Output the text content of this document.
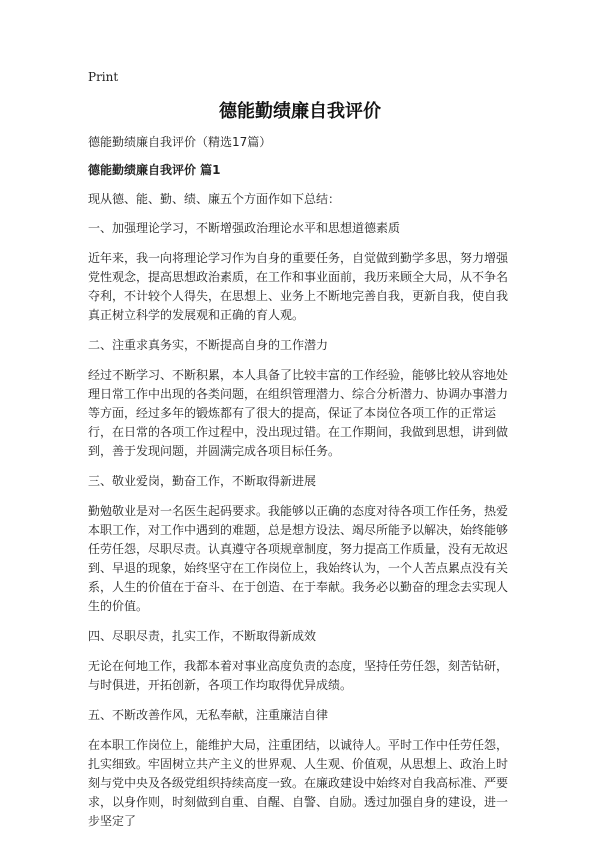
Print
德能勤绩廉自我评价
德能勤绩廉自我评价（精选17篇）
德能勤绩廉自我评价 篇1

现从德、能、勤、绩、廉五个方面作如下总结：

一、加强理论学习，不断增强政治理论水平和思想道德素质

近年来，我一向将理论学习作为自身的重要任务，自觉做到勤学多思，努力增强党性观念，提高思想政治素质，在工作和事业面前，我历来顾全大局，从不争名夺利，不计较个人得失，在思想上、业务上不断地完善自我，更新自我，使自我真正树立科学的发展观和正确的育人观。

二、注重求真务实，不断提高自身的工作潜力

经过不断学习、不断积累，本人具备了比较丰富的工作经验，能够比较从容地处理日常工作中出现的各类问题，在组织管理潜力、综合分析潜力、协调办事潜力等方面，经过多年的锻炼都有了很大的提高，保证了本岗位各项工作的正常运行，在日常的各项工作过程中，没出现过错。在工作期间，我做到思想，讲到做到，善于发现问题，并圆满完成各项目标任务。

三、敬业爱岗，勤奋工作，不断取得新进展

勤勉敬业是对一名医生起码要求。我能够以正确的态度对待各项工作任务，热爱本职工作，对工作中遇到的难题，总是想方设法、竭尽所能予以解决，始终能够任劳任怨，尽职尽责。认真遵守各项规章制度，努力提高工作质量，没有无故迟到、早退的现象，始终坚守在工作岗位上，我始终认为，一个人苦点累点没有关系，人生的价值在于奋斗、在于创造、在于奉献。我务必以勤奋的理念去实现人生的价值。

四、尽职尽责，扎实工作，不断取得新成效

无论在何地工作，我都本着对事业高度负责的态度，坚持任劳任怨，刻苦钻研，与时俱进，开拓创新，各项工作均取得优异成绩。

五、不断改善作风，无私奉献，注重廉洁自律

在本职工作岗位上，能维护大局，注重团结，以诚待人。平时工作中任劳任怨，扎实细致。牢固树立共产主义的世界观、人生观、价值观，从思想上、政治上时刻与党中央及各级党组织持续高度一致。在廉政建设中始终对自我高标准、严要求，以身作则，时刻做到自重、自醒、自警、自励。透过加强自身的建设，进一步坚定了
